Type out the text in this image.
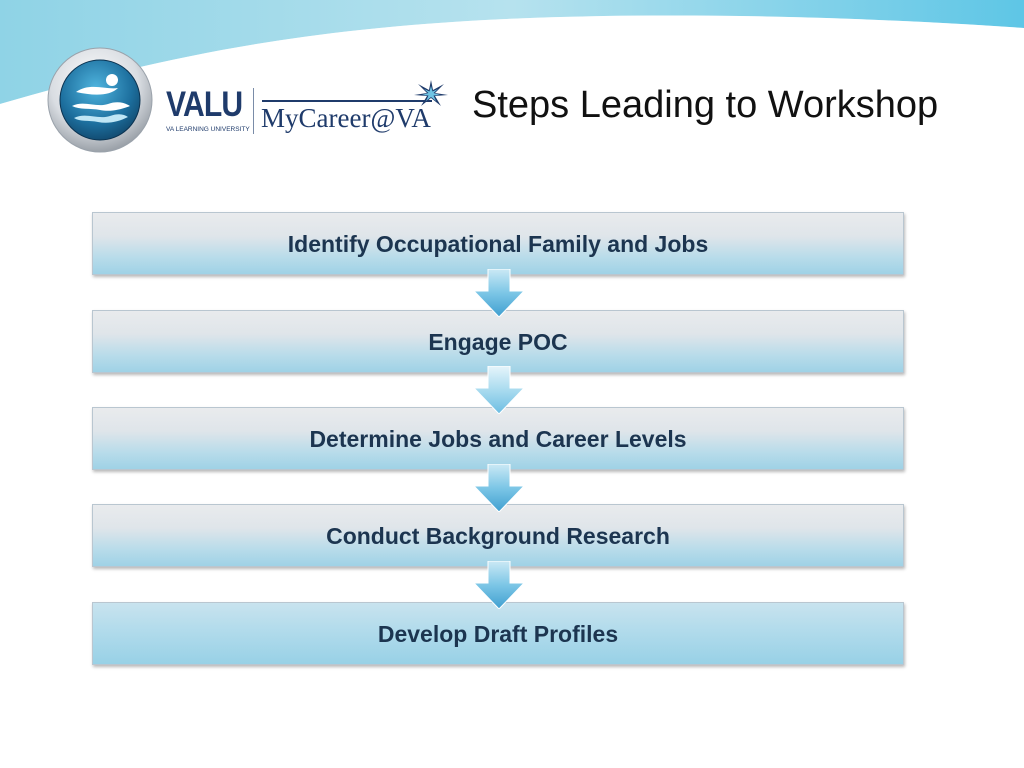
VALU
VA LEARNING UNIVERSITY MyCareer@VA Steps Leading to Workshop
Identify Occupational Family and Jobs
Engage POC
Determine Jobs and Career Levels
Conduct Background Research
Develop Draft Profiles
